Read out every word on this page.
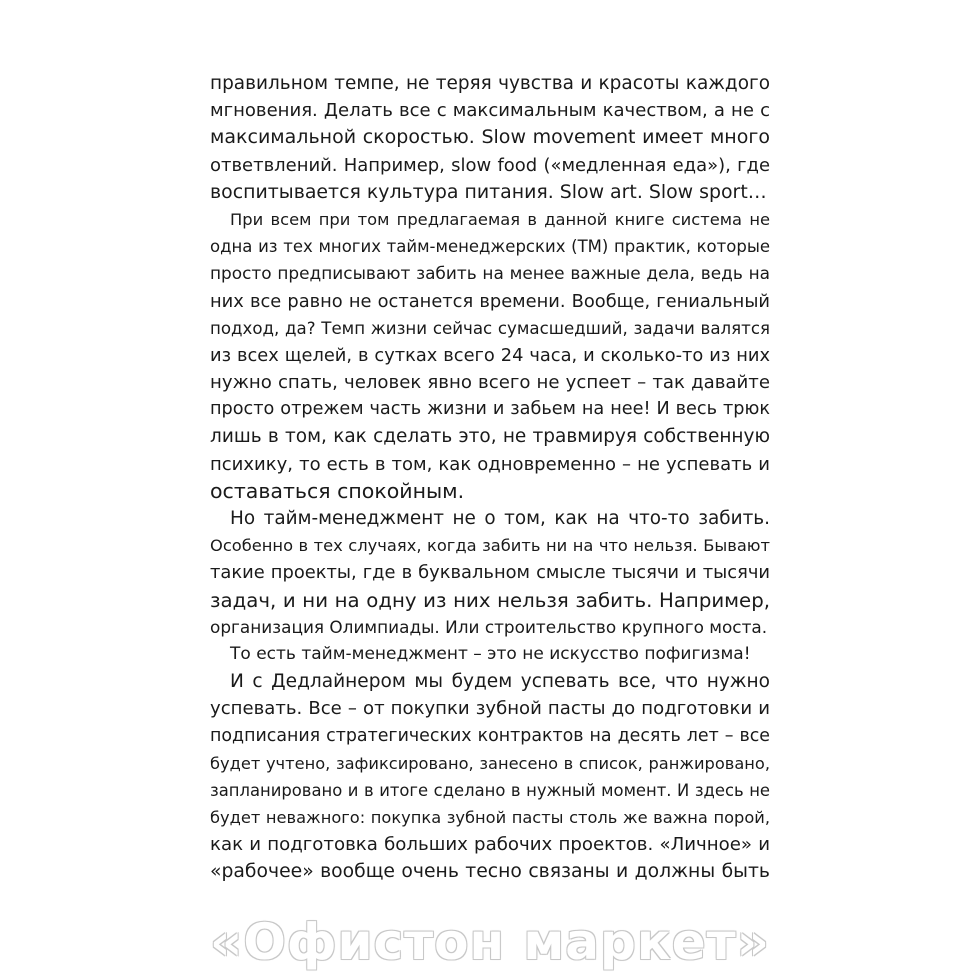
правильном темпе, не теряя чувства и красоты каждого
мгновения. Делать все с максимальным качеством, а не с
максимальной скоростью. Slow movement имеет много
ответвлений. Например, slow food («медленная еда»), где
воспитывается культура питания. Slow art. Slow sport…
При всем при том предлагаемая в данной книге система не
одна из тех многих тайм-менеджерских (ТМ) практик, которые
просто предписывают забить на менее важные дела, ведь на
них все равно не останется времени. Вообще, гениальный
подход, да? Темп жизни сейчас сумасшедший, задачи валятся
из всех щелей, в сутках всего 24 часа, и сколько-то из них
нужно спать, человек явно всего не успеет – так давайте
просто отрежем часть жизни и забьем на нее! И весь трюк
лишь в том, как сделать это, не травмируя собственную
психику, то есть в том, как одновременно – не успевать и
оставаться спокойным.
Но тайм-менеджмент не о том, как на что-то забить.
Особенно в тех случаях, когда забить ни на что нельзя. Бывают
такие проекты, где в буквальном смысле тысячи и тысячи
задач, и ни на одну из них нельзя забить. Например,
организация Олимпиады. Или строительство крупного моста.
То есть тайм-менеджмент – это не искусство пофигизма!
И с Дедлайнером мы будем успевать все, что нужно
успевать. Все – от покупки зубной пасты до подготовки и
подписания стратегических контрактов на десять лет – все
будет учтено, зафиксировано, занесено в список, ранжировано,
запланировано и в итоге сделано в нужный момент. И здесь не
будет неважного: покупка зубной пасты столь же важна порой,
как и подготовка больших рабочих проектов. «Личное» и
«рабочее» вообще очень тесно связаны и должны быть
«Офистон маркет»
